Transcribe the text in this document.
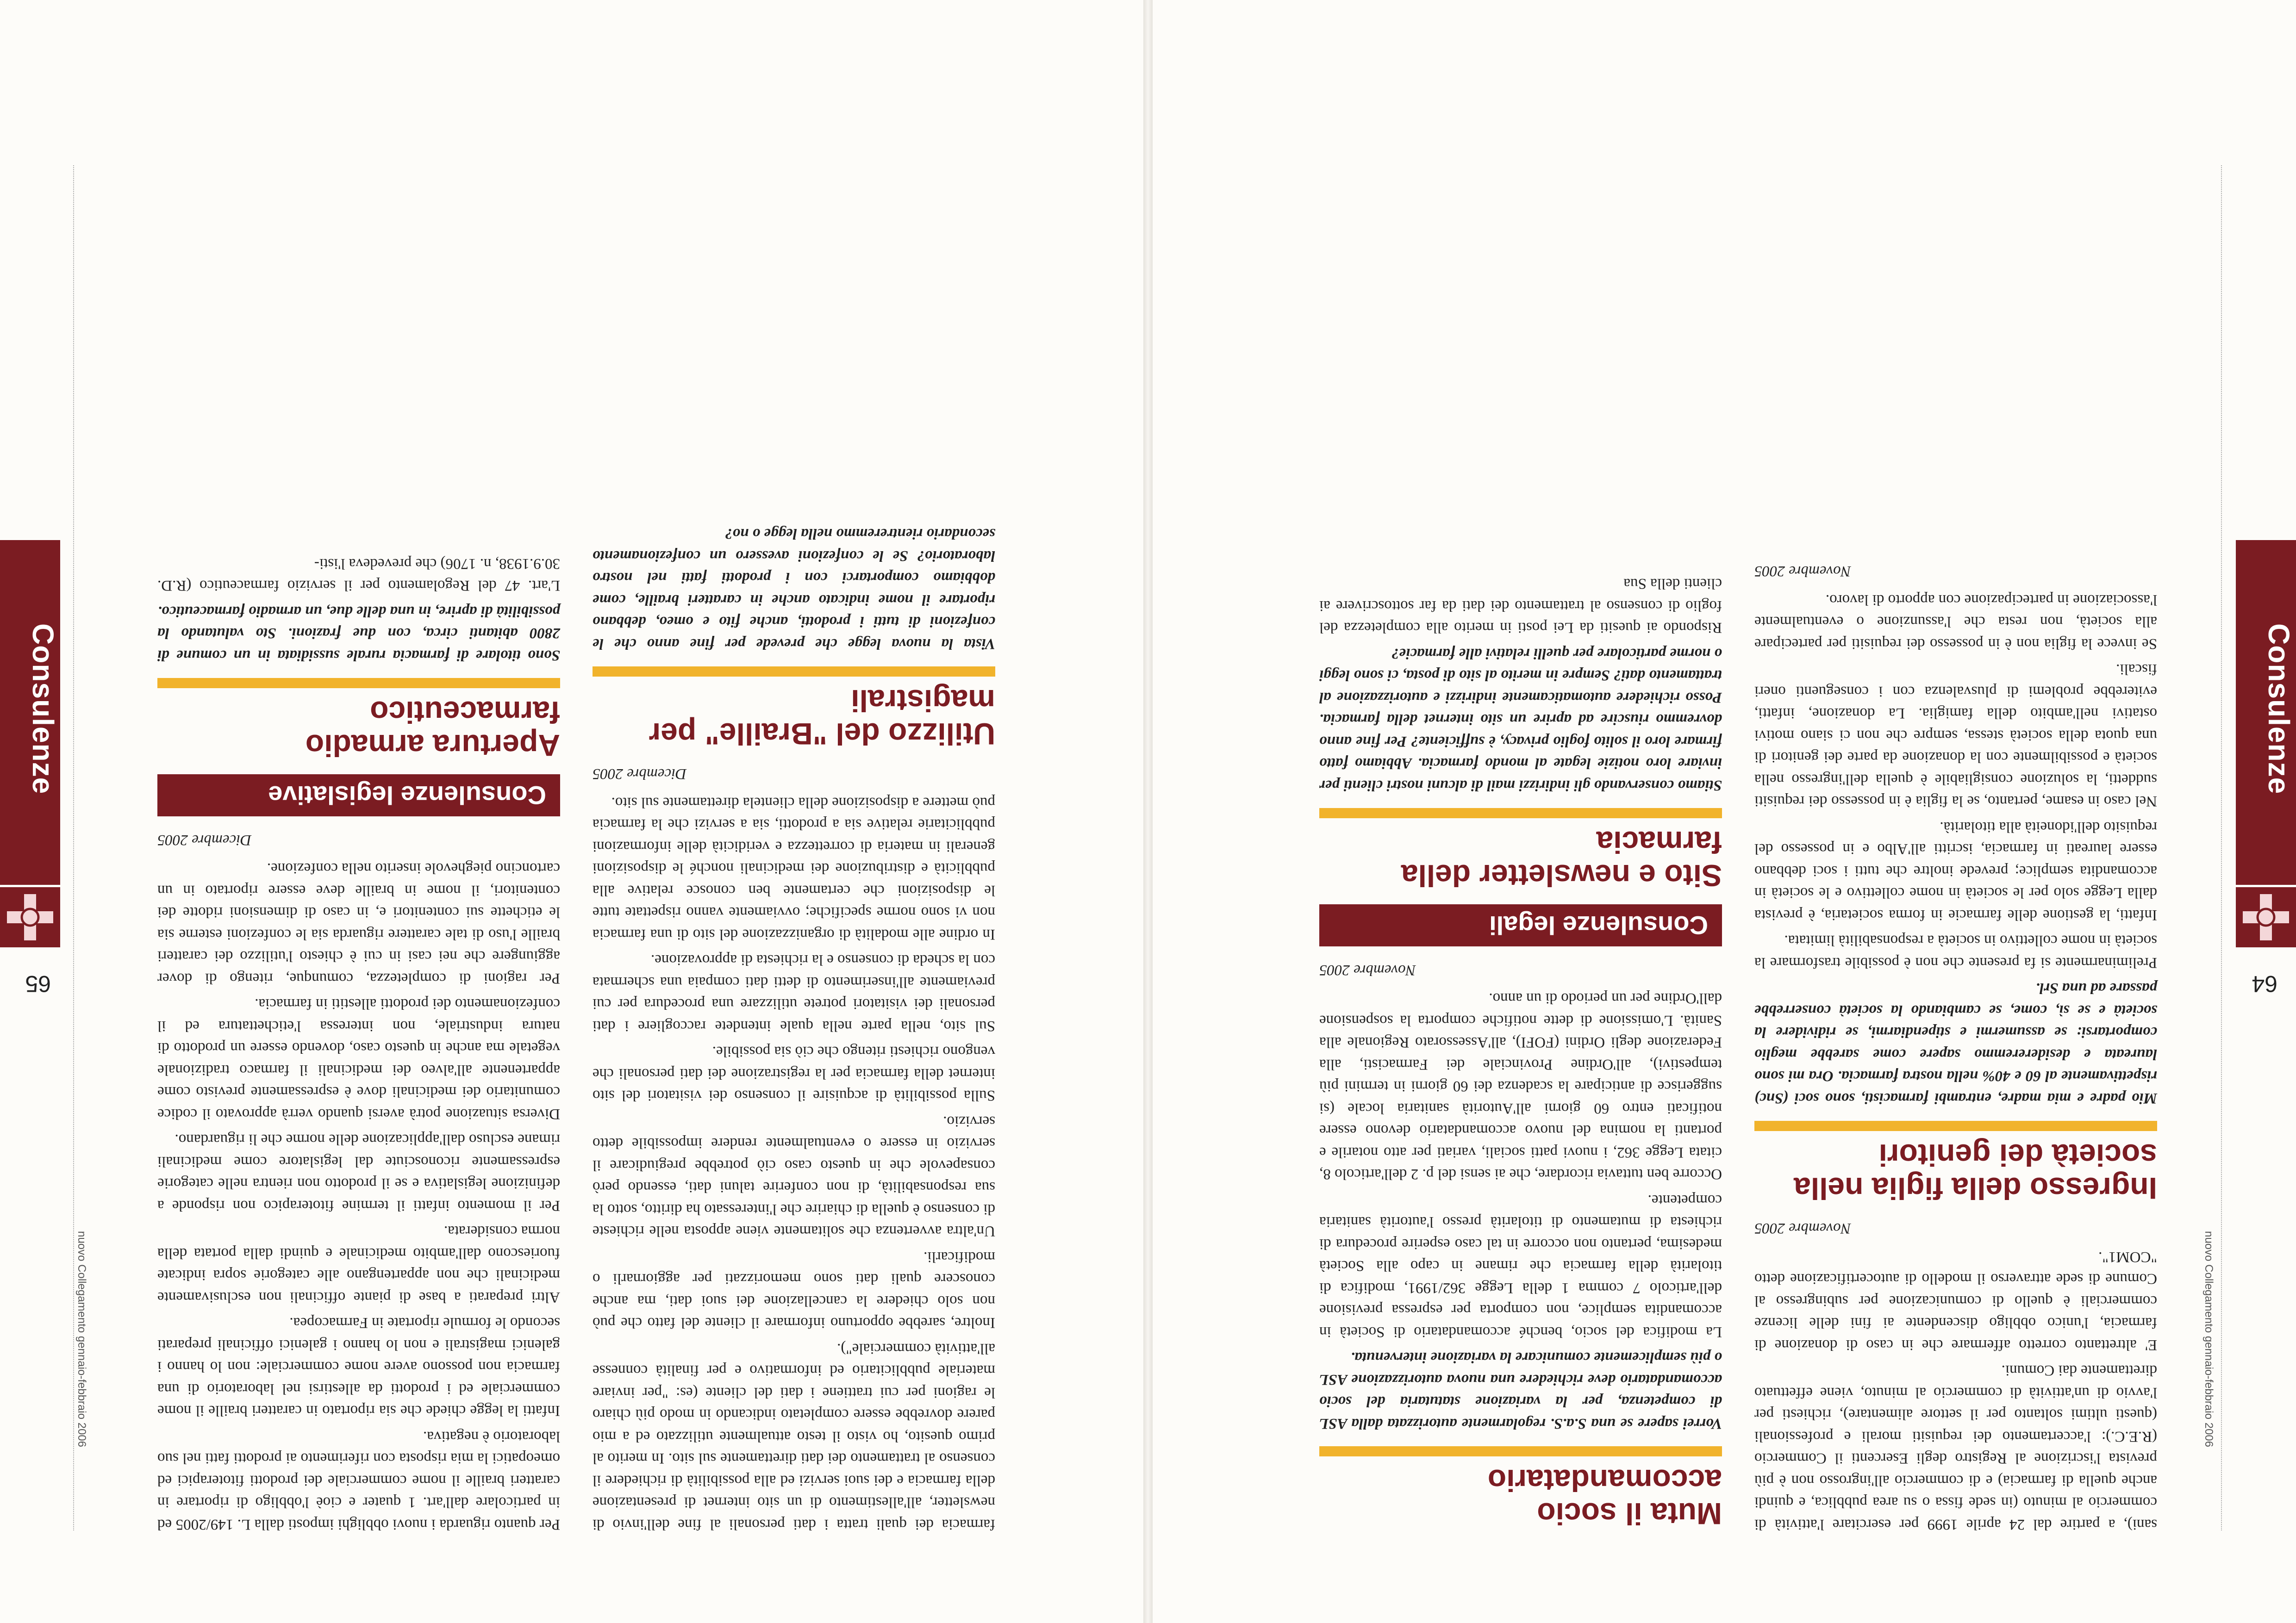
nuovo Collegamento gennaio-febbraio 2006
64
Consulenze

sani), a partire dal 24 aprile 1999 per esercitare l'attività di commercio al minuto (in sede fissa o su area pubblica, e quindi anche quella di farmacia) e di commercio all'ingrosso non è più prevista l'iscrizione al Registro degli Esercenti il Commercio (R.E.C.): l'accertamento dei requisiti morali e professionali (questi ultimi soltanto per il settore alimentare), richiesti per l'avvio di un'attività di commercio al minuto, viene effettuato direttamente dai Comuni.

E' altrettanto corretto affermare che in caso di donazione di farmacia, l'unico obbligo discendente ai fini delle licenze commerciali è quello di comunicazione per subingresso al Comune di sede attraverso il modello di autocertificazione detto "COM1".

Novembre 2005

Ingresso della figlia nella società dei genitori

Mio padre e mia madre, entrambi farmacisti, sono soci (Snc) rispettivamente al 60 e 40% nella nostra farmacia. Ora mi sono laureata e desidereremmo sapere come sarebbe meglio comportarsi: se assumermi e stipendiarmi, se ridividere la società e se sì, come, se cambiando la società conserrebbe passare ad una Srl.

Preliminarmente si fa presente che non è possibile trasformare la società in nome collettivo in società a responsabilità limitata.

Infatti, la gestione delle farmacie in forma societaria, è prevista dalla Legge solo per le società in nome collettivo e le società in accomandita semplice; prevede inoltre che tutti i soci debbano essere laureati in farmacia, iscritti all'Albo e in possesso del requisito dell'idoneità alla titolarità.

Nel caso in esame, pertanto, se la figlia è in possesso dei requisiti suddetti, la soluzione consigliabile è quella dell'ingresso nella società e possibilmente con la donazione da parte dei genitori di una quota della società stessa, sempre che non ci siano motivi ostativi nell'ambito della famiglia. La donazione, infatti, eviterebbe problemi di plusvalenza con i conseguenti oneri fiscali.

Se invece la figlia non è in possesso dei requisiti per partecipare alla società, non resta che l'assunzione o eventualmente l'associazione in partecipazione con apporto di lavoro.

Novembre 2005

Muta il socio accomandatario

Vorrei sapere se una S.a.S. regolarmente autorizzata dalla ASL di competenza, per la variazione statutaria del socio accomandatario deve richiedere una nuova autorizzazione ASL o più semplicemente comunicare la variazione intervenuta.

La modifica del socio, benché accomandatario di Società in accomandita semplice, non comporta per espressa previsione dell'articolo 7 comma 1 della Legge 362/1991, modifica di titolarità della farmacia che rimane in capo alla Società medesima, pertanto non occorre in tal caso esperire procedura di richiesta di mutamento di titolarità presso l'autorità sanitaria competente.

Occorre ben tuttavia ricordare, che ai sensi del p. 2 dell'articolo 8, citata Legge 362, i nuovi patti sociali, variati per atto notarile e portanti la nomina del nuovo accomandatario devono essere notificati entro 60 giorni all'Autorità sanitaria locale (si suggerisce di anticipare la scadenza dei 60 giorni in termini più tempestivi), all'Ordine Provinciale dei Farmacisti, alla Federazione degli Ordini (FOFI), all'Assessorato Regionale alla Sanità. L'omissione di dette notifiche comporta la sospensione dall'Ordine per un periodo di un anno.

Novembre 2005

Consulenze legali
Sito e newsletter della farmacia

Stiamo conservando gli indirizzi mail di alcuni nostri clienti per inviare loro notizie legate al mondo farmacia. Abbiamo fatto firmare loro il solito foglio privacy, è sufficiente? Per fine anno dovremmo riuscire ad aprire un sito internet della farmacia. Posso richiedere automaticamente indirizzi e autorizzazione al trattamento dati? Sempre in merito al sito di posta, ci sono leggi o norme particolare per quelli relativi alle farmacie?

Rispondo ai quesiti da Lei posti in merito alla completezza del foglio di consenso al trattamento dei dati da far sottoscrivere ai clienti della Sua

nuovo Collegamento gennaio-febbraio 2006
65
Consulenze

farmacia dei quali tratta i dati personali al fine dell'invio di newsletter, all'allestimento di un sito internet di presentazione della farmacia e dei suoi servizi ed alla possibilità di richiedere il consenso al trattamento dei dati direttamente sul sito. In merito al primo quesito, ho visto il testo attualmente utilizzato ed a mio parere dovrebbe essere completato indicando in modo più chiaro le ragioni per cui trattiene i dati del cliente (es: "per inviare materiale pubblicitario ed informativo e per finalità connesse all'attività commerciale").

Inoltre, sarebbe opportuno informare il cliente del fatto che può non solo chiedere la cancellazione dei suoi dati, ma anche conoscere quali dati sono memorizzati per aggiornarli o modificarli.

Un'altra avvertenza che solitamente viene apposta nelle richieste di consenso è quella di chiarire che l'interessato ha diritto, sotto la sua responsabilità, di non conferire taluni dati, essendo però consapevole che in questo caso ciò potrebbe pregiudicare il servizio in essere o eventualmente rendere impossibile detto servizio.

Sulla possibilità di acquisire il consenso dei visitatori del sito internet della farmacia per la registrazione dei dati personali che vengono richiesti ritengo che ciò sia possibile.

Sul sito, nella parte nella quale intendete raccogliere i dati personali dei visitatori potrete utilizzare una procedura per cui previamente all'inserimento di detti dati compaia una schermata con la scheda di consenso e la richiesta di approvazione.

In ordine alle modalità di organizzazione del sito di una farmacia non vi sono norme specifiche; ovviamente vanno rispettate tutte le disposizioni che certamente ben conosce relative alla pubblicità e distribuzione dei medicinali nonché le disposizioni generali in materia di correttezza e veridicità delle informazioni pubblicitarie relative sia a prodotti, sia a servizi che la farmacia può mettere a disposizione della clientela direttamente sul sito.

Dicembre 2005

Utilizzo del "Braille" per magistrali

Vista la nuova legge che prevede per fine anno che le confezioni di tutti i prodotti, anche fito e omeo, debbano riportare il nome indicato anche in caratteri braille, come dobbiamo comportarci con i prodotti fatti nel nostro laboratorio? Se le confezioni avessero un confezionamento secondario rientreremmo nella legge o no?

Per quanto riguarda i nuovi obblighi imposti dalla L. 149/2005 ed in particolare dall'art. 1 quater e cioè l'obbligo di riportare in caratteri braille il nome commerciale dei prodotti fitoterapici ed omeopatici la mia risposta con riferimento ai prodotti fatti nel suo laboratorio è negativa.

Infatti la legge chiede che sia riportato in caratteri braille il nome commerciale ed i prodotti da allestirsi nel laboratorio di una farmacia non possono avere nome commerciale: non lo hanno i galenici magistrali e non lo hanno i galenici officinali preparati secondo le formule riportate in Farmacopea.

Altri preparati a base di piante officinali non esclusivamente medicinali che non appartengano alle categorie sopra indicate fuoriescono dall'ambito medicinale e quindi dalla portata della norma considerata.

Per il momento infatti il termine fitoterapico non risponde a definizione legislativa e se il prodotto non rientra nelle categorie espressamente riconosciute dal legislatore come medicinali rimane escluso dall'applicazione delle norme che li riguardano.

Diversa situazione potrà aversi quando verrà approvato il codice comunitario dei medicinali dove è espressamente previsto come appartenente all'alveo dei medicinali il farmaco tradizionale vegetale ma anche in questo caso, dovendo essere un prodotto di natura industriale, non interessa l'etichettatura ed il confezionamento dei prodotti allestiti in farmacia.

Per ragioni di completezza, comunque, ritengo di dover aggiungere che nei casi in cui è chiesto l'utilizzo dei caratteri braille l'uso di tale carattere riguarda sia le confezioni esterne sia le etichette sui contenitori e, in caso di dimensioni ridotte dei contenitori, il nome in braille deve essere riportato in un cartoncino pieghevole inserito nella confezione.

Dicembre 2005

Consulenze legislative
Apertura armadio farmaceutico

Sono titolare di farmacia rurale sussidiata in un comune di 2800 abitanti circa, con due frazioni. Sto valutando la possibilità di aprire, in una delle due, un armadio farmaceutico.

L'art. 47 del Regolamento per il servizio farmaceutico (R.D. 30.9.1938, n. 1706) che prevedeva l'isti-
